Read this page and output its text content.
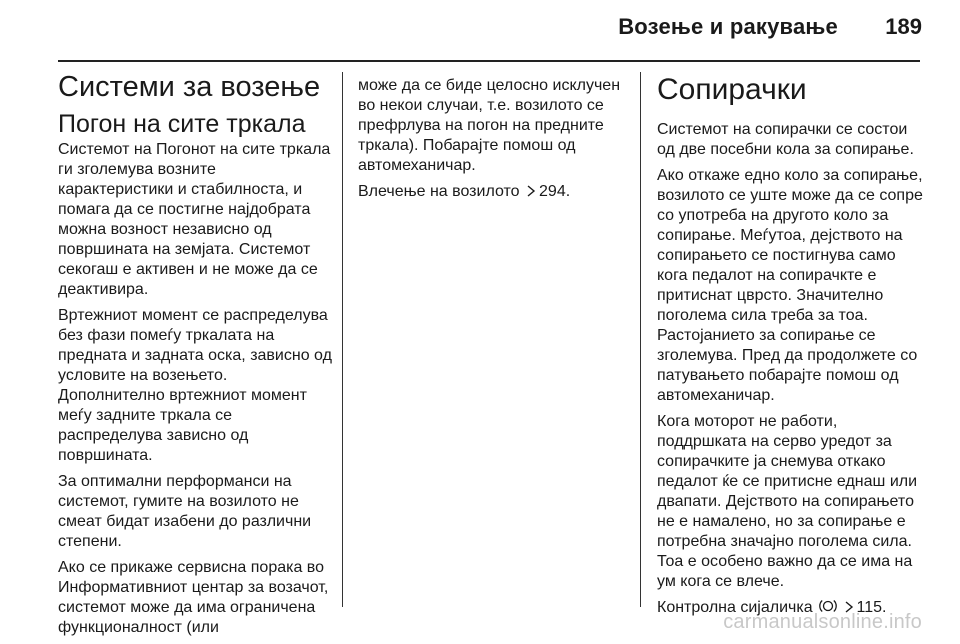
Возење и ракување 189
Системи за возење
Погон на сите тркала

Системот на Погонот на сите тркала ги зголемува возните карактеристики и стабилноста, и помага да се постигне најдобрата можна возност независно од површината на земјата. Системот секогаш е активен и не може да се деактивира.

Вртежниот момент се распределува без фази помеѓу тркалата на предната и задната оска, зависно од условите на возењето. Дополнително вртежниот момент меѓу задните тркала се распределува зависно од површината.

За оптимални перформанси на системот, гумите на возилото не смеат бидат изабени до различни степени.

Ако се прикаже сервисна порака во Информативниот центар за возачот, системот може да има ограничена функционалност (или

може да се биде целосно исклучен во некои случаи, т.е. возилото се префрлува на погон на предните тркала). Побарајте помош од автомеханичар.

Влечење на возилото 294.

Сопирачки

Системот на сопирачки се состои од две посебни кола за сопирање.

Ако откаже едно коло за сопирање, возилото се уште може да се сопре со употреба на другото коло за сопирање. Меѓутоа, дејството на сопирањето се постигнува само кога педалот на сопирачкте е притиснат цврсто. Значително поголема сила треба за тоа. Растојанието за сопирање се зголемува. Пред да продолжете со патувањето побарајте помош од автомеханичар.

Кога моторот не работи, поддршката на серво уредот за сопирачките ја снемува откако педалот ќе се притисне еднаш или двапати. Дејството на сопирањето не е намалено, но за сопирање е потребна значајно поголема сила. Тоа е особено важно да се има на ум кога се влече.

Контролна сијаличка	115.

carmanualsonline.info
